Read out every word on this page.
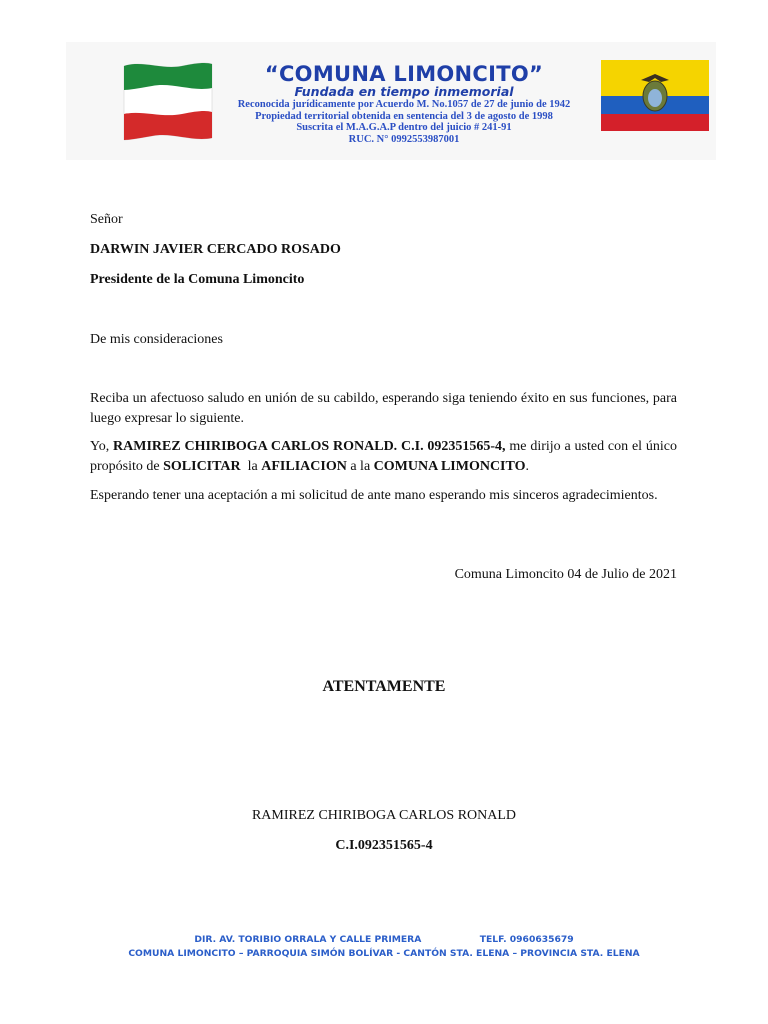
“COMUNA LIMONCITO”
Fundada en tiempo inmemorial
Reconocida jurídicamente por Acuerdo M. No.1057 de 27 de junio de 1942
Propiedad territorial obtenida en sentencia del 3 de agosto de 1998
Suscrita el M.A.G.A.P dentro del juicio # 241-91
RUC. N° 0992553987001
Señor
DARWIN JAVIER CERCADO ROSADO
Presidente de la Comuna Limoncito
De mis consideraciones
Reciba un afectuoso saludo en unión de su cabildo, esperando siga teniendo éxito en sus funciones, para luego expresar lo siguiente.
Yo, RAMIREZ CHIRIBOGA CARLOS RONALD. C.I. 092351565-4, me dirijo a usted con el único propósito de SOLICITAR  la AFILIACION a la COMUNA LIMONCITO.
Esperando tener una aceptación a mi solicitud de ante mano esperando mis sinceros agradecimientos.
Comuna Limoncito 04 de Julio de 2021
ATENTAMENTE
RAMIREZ CHIRIBOGA CARLOS RONALD
C.I.092351565-4
DIR. AV. TORIBIO ORRALA Y CALLE PRIMERA	TELF. 0960635679
COMUNA LIMONCITO – PARROQUIA SIMÓN BOLÍVAR - CANTÓN STA. ELENA – PROVINCIA STA. ELENA
